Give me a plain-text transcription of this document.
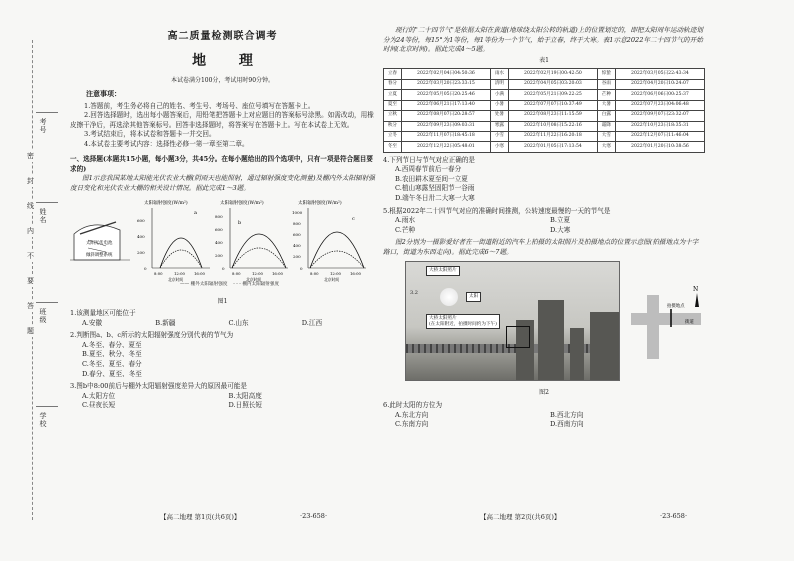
考号
姓名
班级
学校
密
封
线
内
不
要
答
题
高二质量检测联合调考
地 理
本试卷满分100分，考试用时90分钟。
注意事项：

1.答题前，考生务必将自己的姓名、考生号、考场号、座位号填写在答题卡上。

2.回答选择题时，选出每小题答案后，用铅笔把答题卡上对应题目的答案标号涂黑。如需改动，用橡皮擦干净后，再选涂其他答案标号。回答非选择题时，将答案写在答题卡上。写在本试卷上无效。

3.考试结束后，将本试卷和答题卡一并交回。

4.本试卷主要考试内容：选择性必修一第一章至第二章。

一、选择题(本题共15小题，每小题3分，共45分。在每小题给出的四个选项中，只有一项是符合题目要求的)
图1示意我国某地太阳能光伏农业大棚(阴雨天也能照射，通过辐射强度变化测量)及棚内外太阳辐射强度日变化和光伏农业大棚的相关设计情况。据此完成1～3题。
太阳光伏电池
倾斜调整系统
太阳辐射强度(W/m²)
600
400
200
0
a
8:00	12:00 16:00
北京时间
太阳辐射强度(W/m²)
800
600
400
200
0
b
8:00	12:00 16:00
北京时间
太阳辐射强度(W/m²)
1000
800
600
400
200
0
c
8:00	12:00 16:00
北京时间
—— 棚外太阳辐射强度 - - - 棚内太阳辐射强度
图1
1.该测量地区可能位于
A.安徽	B.新疆	C.山东	D.江西
2.判断图a、b、c所示的太阳辐射强度分别代表的节气为
A.冬至、春分、夏至
B.夏至、秋分、冬至
C.冬至、夏至、春分
D.春分、夏至、冬至
3.图b中8:00前后与棚外太阳辐射强度差异大的原因最可能是
A.太阳方位	B.太阳高度
C.昼夜长短	D.日照长短
【高二地理 第1页(共6页)】	·23-658·
现行的"二十四节气"是依据太阳在黄道(地球绕太阳公转的轨道)上的位置划定的，即把太阳周年运动轨迹划分为24等份，每15°为1等份，每1等份为一个节气，始于立春，终于大寒。表1示意2022年二十四节气的开始时间(北京时间)。据此完成4～5题。
表1
立春	2022年02月04日04:50:36	雨水	2022年02月19日00:42:50	惊蛰	2022年03月05日22:43:34
春分	2022年03月20日23:33:15	清明	2022年04月05日03:20:03	谷雨	2022年04月20日10:24:07
立夏	2022年05月05日20:25:46	小满	2022年05月21日09:22:25	芒种	2022年06月06日00:25:37
夏至	2022年06月21日17:13:40	小暑	2022年07月07日10:37:49	大暑	2022年07月23日04:06:48
立秋	2022年08月07日20:28:57	处暑	2022年08月23日11:15:59	白露	2022年09月07日23:32:07
秋分	2022年09月23日09:03:31	寒露	2022年10月08日15:22:16	霜降	2022年10月23日18:35:31
立冬	2022年11月07日18:45:18	小雪	2022年11月22日16:20:18	大雪	2022年12月07日11:46:04
冬至	2022年12月22日05:48:01	小寒	2022年01月05日17:13:54	大寒	2022年01月20日10:38:56
4.下列节日与节气对应正确的是
A.西周春节前后一春分
B.农田耕木夏至间一立夏
C.植山寒露坚固阳节一谷雨
D.端午冬日卅二大寒一大寒
5.根据2022年二十四节气对应的准确时间推测，公转速度最慢的一天的节气是
A.雨水	B.立夏
C.芒种	D.大寒
图2分别为一摄影爱好者在一街道附近的汽车上拍摄的太阳照片及拍摄地点的位置示意图(拍摄地点为十字路口，街道为东西走向)。据此完成6～7题。
大桥太阳照片
太阳
大桥太阳照片
(在太阳附近，拍摄时间约为下午)
3.2	N
拍摄地点
街道
图2
6.此时太阳的方位为
A.东北方向	B.西北方向
C.东南方向	D.西南方向
【高二地理 第2页(共6页)】	·23-658·
